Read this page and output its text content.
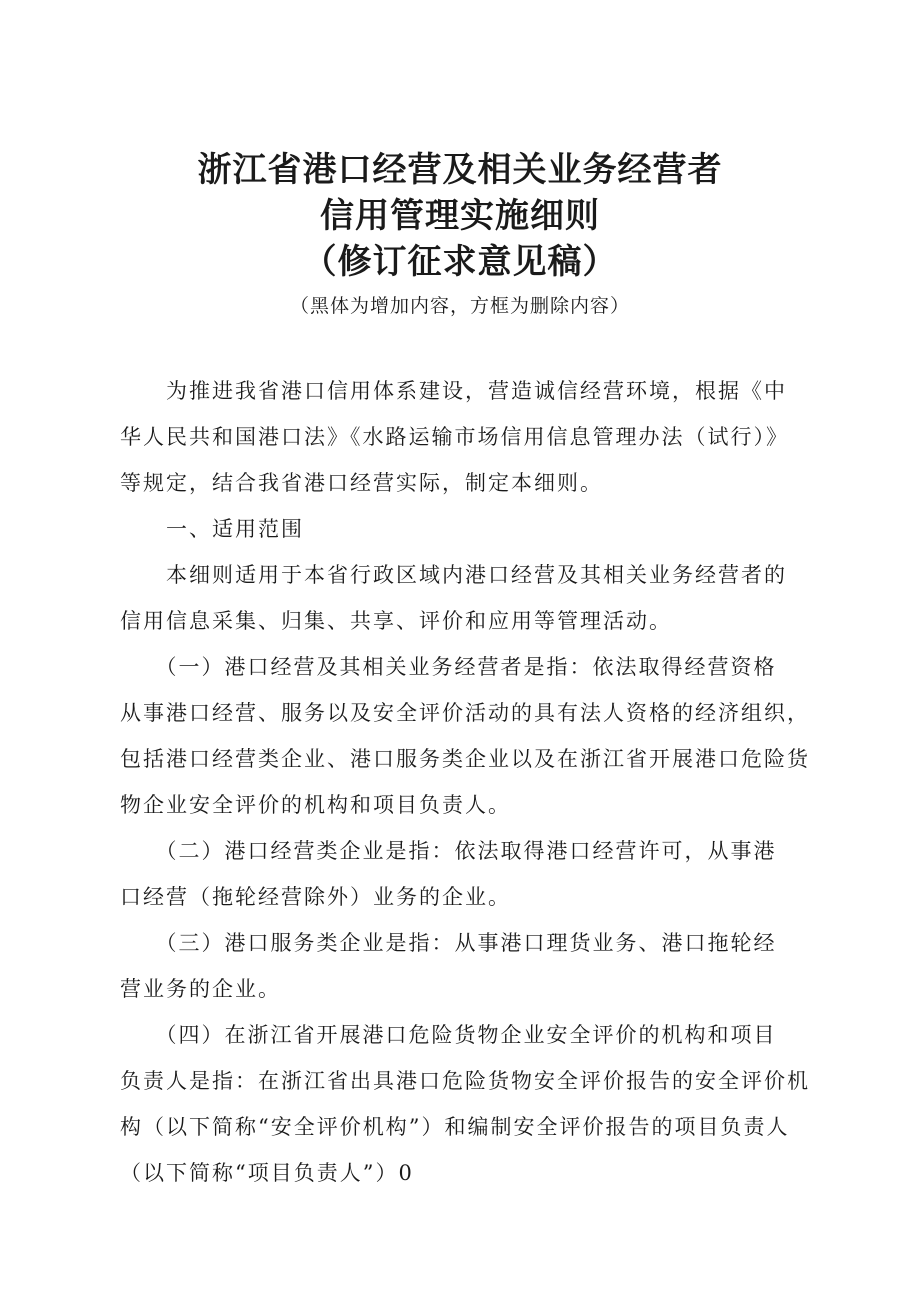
浙江省港口经营及相关业务经营者
信用管理实施细则
（修订征求意见稿）
（黑体为增加内容，方框为删除内容）
　　为推进我省港口信用体系建设，营造诚信经营环境，根据《中
华人民共和国港口法》《水路运输市场信用信息管理办法（试行）》
等规定，结合我省港口经营实际，制定本细则。
　　一、适用范围
　　本细则适用于本省行政区域内港口经营及其相关业务经营者的
信用信息采集、归集、共享、评价和应用等管理活动。
　　（一）港口经营及其相关业务经营者是指：依法取得经营资格
从事港口经营、服务以及安全评价活动的具有法人资格的经济组织，
包括港口经营类企业、港口服务类企业以及在浙江省开展港口危险货
物企业安全评价的机构和项目负责人。
　　（二）港口经营类企业是指：依法取得港口经营许可，从事港
口经营（拖轮经营除外）业务的企业。
　　（三）港口服务类企业是指：从事港口理货业务、港口拖轮经
营业务的企业。
　　（四）在浙江省开展港口危险货物企业安全评价的机构和项目
负责人是指：在浙江省出具港口危险货物安全评价报告的安全评价机
构（以下简称“安全评价机构”）和编制安全评价报告的项目负责人
（以下简称“项目负责人”）0
